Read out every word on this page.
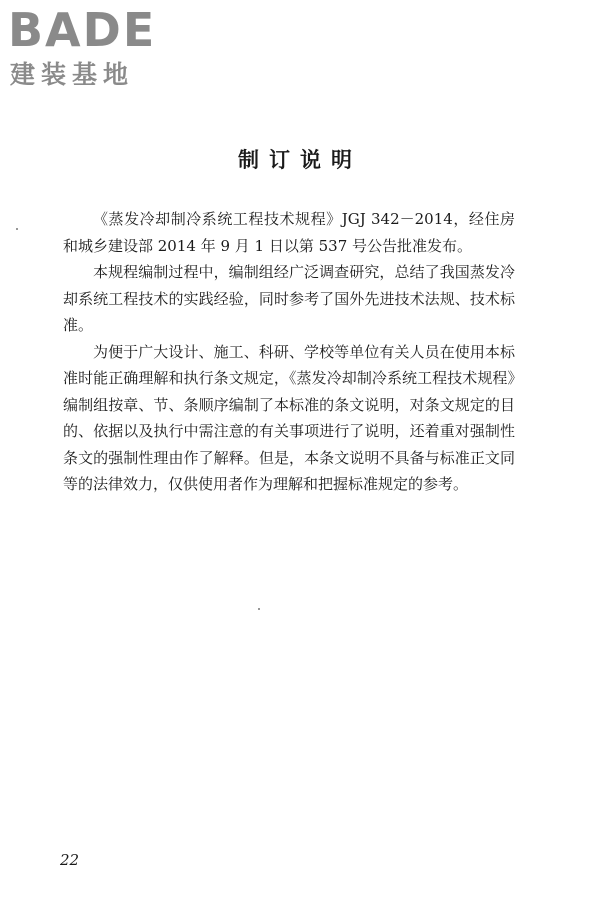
BADE
建装基地
制订说明

《蒸发冷却制冷系统工程技术规程》JGJ 342－2014，经住房和城乡建设部 2014 年 9 月 1 日以第 537 号公告批准发布。

本规程编制过程中，编制组经广泛调查研究，总结了我国蒸发冷却系统工程技术的实践经验，同时参考了国外先进技术法规、技术标准。

为便于广大设计、施工、科研、学校等单位有关人员在使用本标准时能正确理解和执行条文规定，《蒸发冷却制冷系统工程技术规程》编制组按章、节、条顺序编制了本标准的条文说明，对条文规定的目的、依据以及执行中需注意的有关事项进行了说明，还着重对强制性条文的强制性理由作了解释。但是，本条文说明不具备与标准正文同等的法律效力，仅供使用者作为理解和把握标准规定的参考。

22
